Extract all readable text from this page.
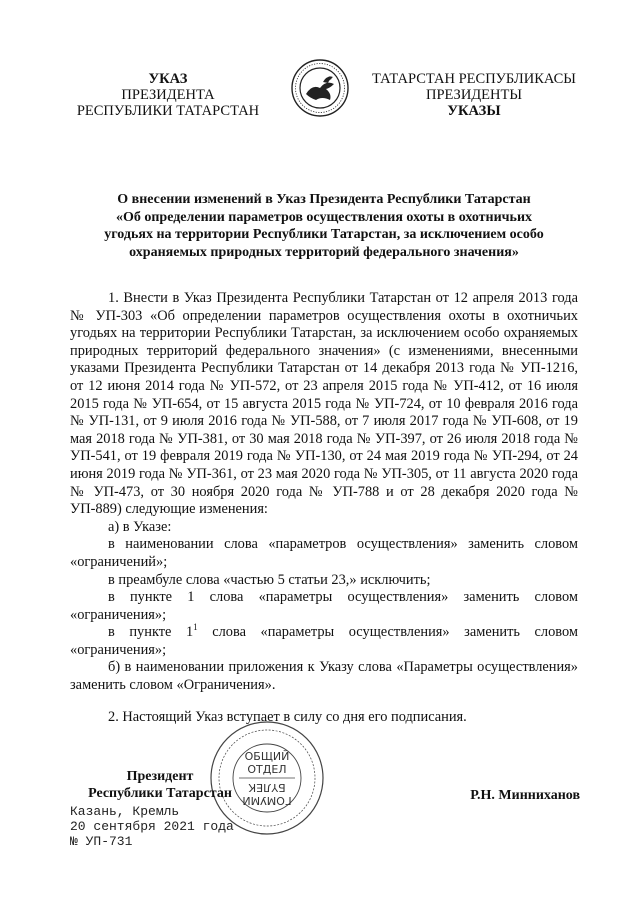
УКАЗ
ПРЕЗИДЕНТА
РЕСПУБЛИКИ ТАТАРСТАН
ТАТАРСТАН РЕСПУБЛИКАСЫ
ПРЕЗИДЕНТЫ
УКАЗЫ
О внесении изменений в Указ Президента Республики Татарстан
«Об определении параметров осуществления охоты в охотничьих
угодьях на территории Республики Татарстан, за исключением особо
охраняемых природных территорий федерального значения»

1. Внести в Указ Президента Республики Татарстан от 12 апреля 2013 года № УП-303 «Об определении параметров осуществления охоты в охотничьих угодьях на территории Республики Татарстан, за исключением особо охраняемых природных территорий федерального значения» (с изменениями, внесенными указами Президента Республики Татарстан от 14 декабря 2013 года № УП-1216, от 12 июня 2014 года № УП-572, от 23 апреля 2015 года № УП-412, от 16 июля 2015 года № УП-654, от 15 августа 2015 года № УП-724, от 10 февраля 2016 года № УП-131, от 9 июля 2016 года № УП-588, от 7 июля 2017 года № УП-608, от 19 мая 2018 года № УП-381, от 30 мая 2018 года № УП-397, от 26 июля 2018 года № УП-541, от 19 февраля 2019 года № УП-130, от 24 мая 2019 года № УП-294, от 24 июня 2019 года № УП-361, от 23 мая 2020 года № УП-305, от 11 августа 2020 года № УП-473, от 30 ноября 2020 года № УП-788 и от 28 декабря 2020 года № УП-889) следующие изменения:

а) в Указе:

в наименовании слова «параметров осуществления» заменить словом «ограничений»;

в преамбуле слова «частью 5 статьи 23,» исключить;

в пункте 1 слова «параметры осуществления» заменить словом «ограничения»;

в пункте $1^1$ слова «параметры осуществления» заменить словом «ограничения»;

б) в наименовании приложения к Указу слова «Параметры осуществления» заменить словом «Ограничения».

2. Настоящий Указ вступает в силу со дня его подписания.

ОБЩИЙ
ОТДЕЛ
ГОМУМИ
БҮЛЕК
Президент
Республики Татарстан	Р.Н. Минниханов
Казань, Кремль
20 сентября 2021 года
№ УП-731
